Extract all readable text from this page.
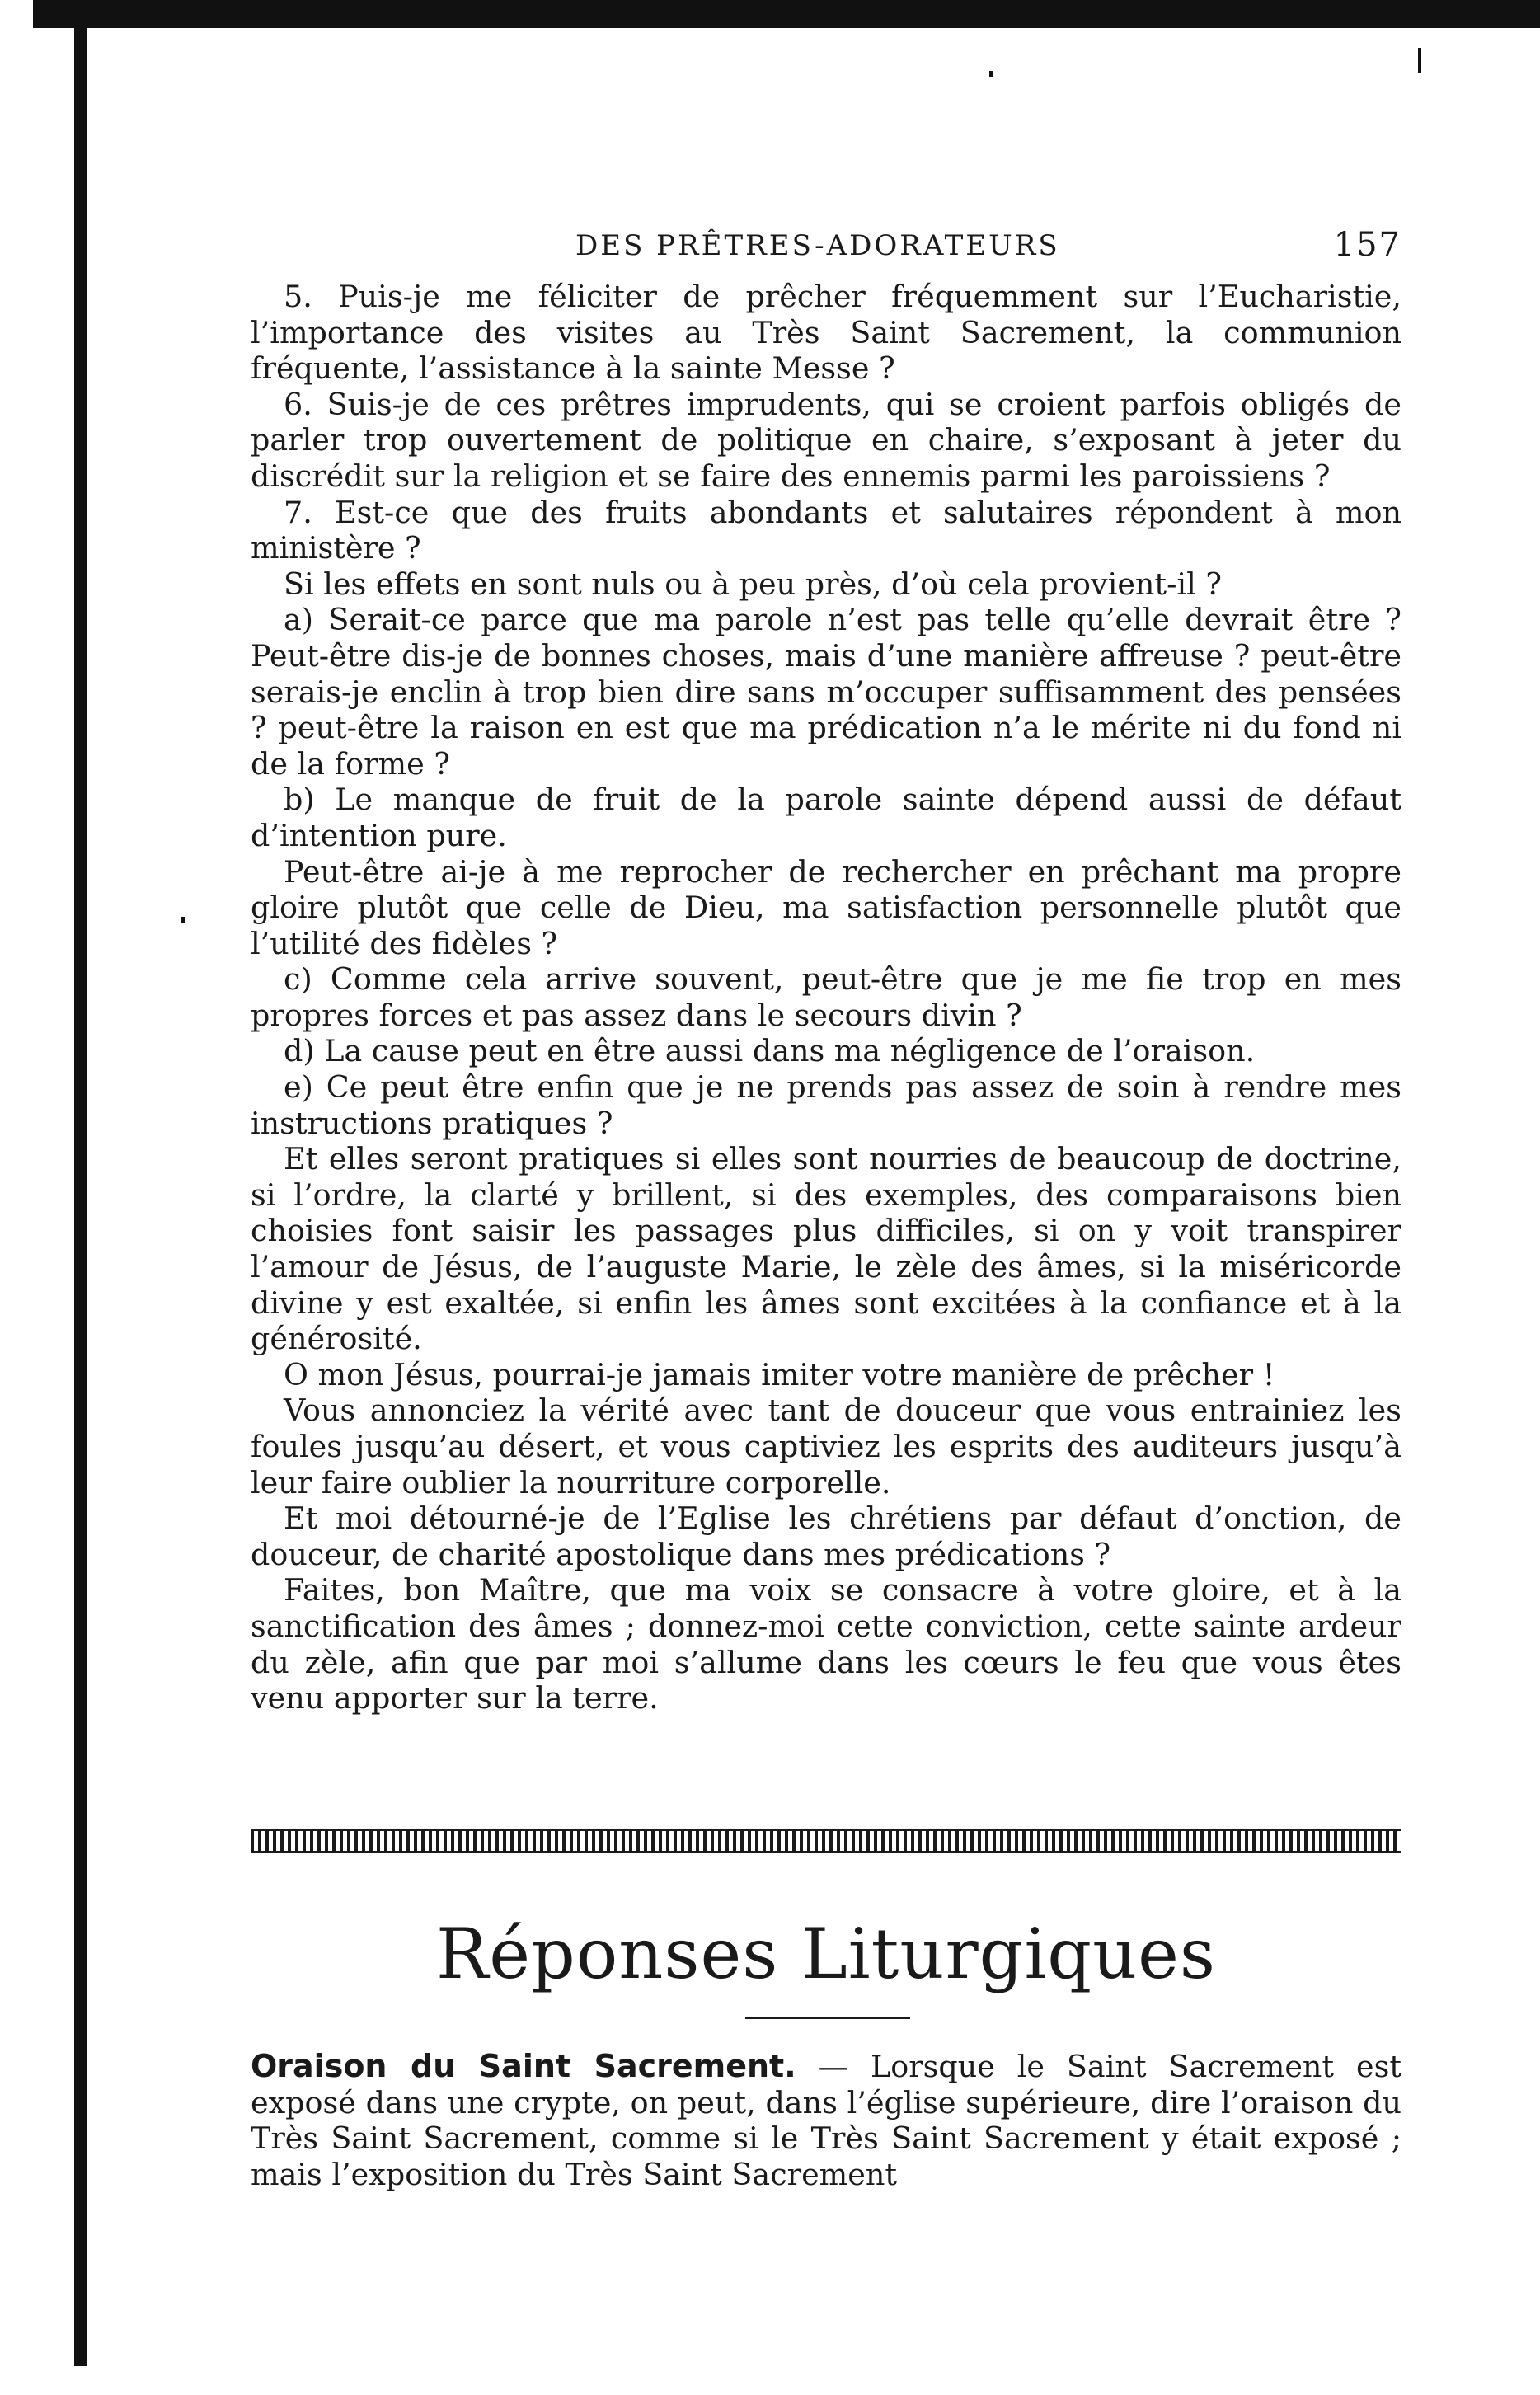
DES PRÊTRES-ADORATEURS	157

5. Puis-je me féliciter de prêcher fréquemment sur l’Eucharistie, l’importance des visites au Très Saint Sacrement, la communion fréquente, l’assistance à la sainte Messe ?

6. Suis-je de ces prêtres imprudents, qui se croient parfois obligés de parler trop ouvertement de politique en chaire, s’exposant à jeter du discrédit sur la religion et se faire des ennemis parmi les paroissiens ?

7. Est-ce que des fruits abondants et salutaires répondent à mon ministère ?

Si les effets en sont nuls ou à peu près, d’où cela provient-il ?

a) Serait-ce parce que ma parole n’est pas telle qu’elle devrait être ? Peut-être dis-je de bonnes choses, mais d’une manière affreuse ? peut-être serais-je enclin à trop bien dire sans m’occuper suffisamment des pensées ? peut-être la raison en est que ma prédication n’a le mérite ni du fond ni de la forme ?

b) Le manque de fruit de la parole sainte dépend aussi de défaut d’intention pure.

Peut-être ai-je à me reprocher de rechercher en prêchant ma propre gloire plutôt que celle de Dieu, ma satisfaction personnelle plutôt que l’utilité des fidèles ?

c) Comme cela arrive souvent, peut-être que je me fie trop en mes propres forces et pas assez dans le secours divin ?

d) La cause peut en être aussi dans ma négligence de l’oraison.

e) Ce peut être enfin que je ne prends pas assez de soin à rendre mes instructions pratiques ?

Et elles seront pratiques si elles sont nourries de beaucoup de doctrine, si l’ordre, la clarté y brillent, si des exemples, des comparaisons bien choisies font saisir les passages plus difficiles, si on y voit transpirer l’amour de Jésus, de l’auguste Marie, le zèle des âmes, si la miséricorde divine y est exaltée, si enfin les âmes sont excitées à la confiance et à la générosité.

O mon Jésus, pourrai-je jamais imiter votre manière de prêcher !

Vous annonciez la vérité avec tant de douceur que vous entrainiez les foules jusqu’au désert, et vous captiviez les esprits des auditeurs jusqu’à leur faire oublier la nourriture corporelle.

Et moi détourné-je de l’Eglise les chrétiens par défaut d’onction, de douceur, de charité apostolique dans mes prédications ?

Faites, bon Maître, que ma voix se consacre à votre gloire, et à la sanctification des âmes ; donnez-moi cette conviction, cette sainte ardeur du zèle, afin que par moi s’allume dans les cœurs le feu que vous êtes venu apporter sur la terre.

Réponses Liturgiques

Oraison du Saint Sacrement. — Lorsque le Saint Sacrement est exposé dans une crypte, on peut, dans l’église supérieure, dire l’oraison du Très Saint Sacrement, comme si le Très Saint Sacrement y était exposé ; mais l’exposition du Très Saint Sacrement
